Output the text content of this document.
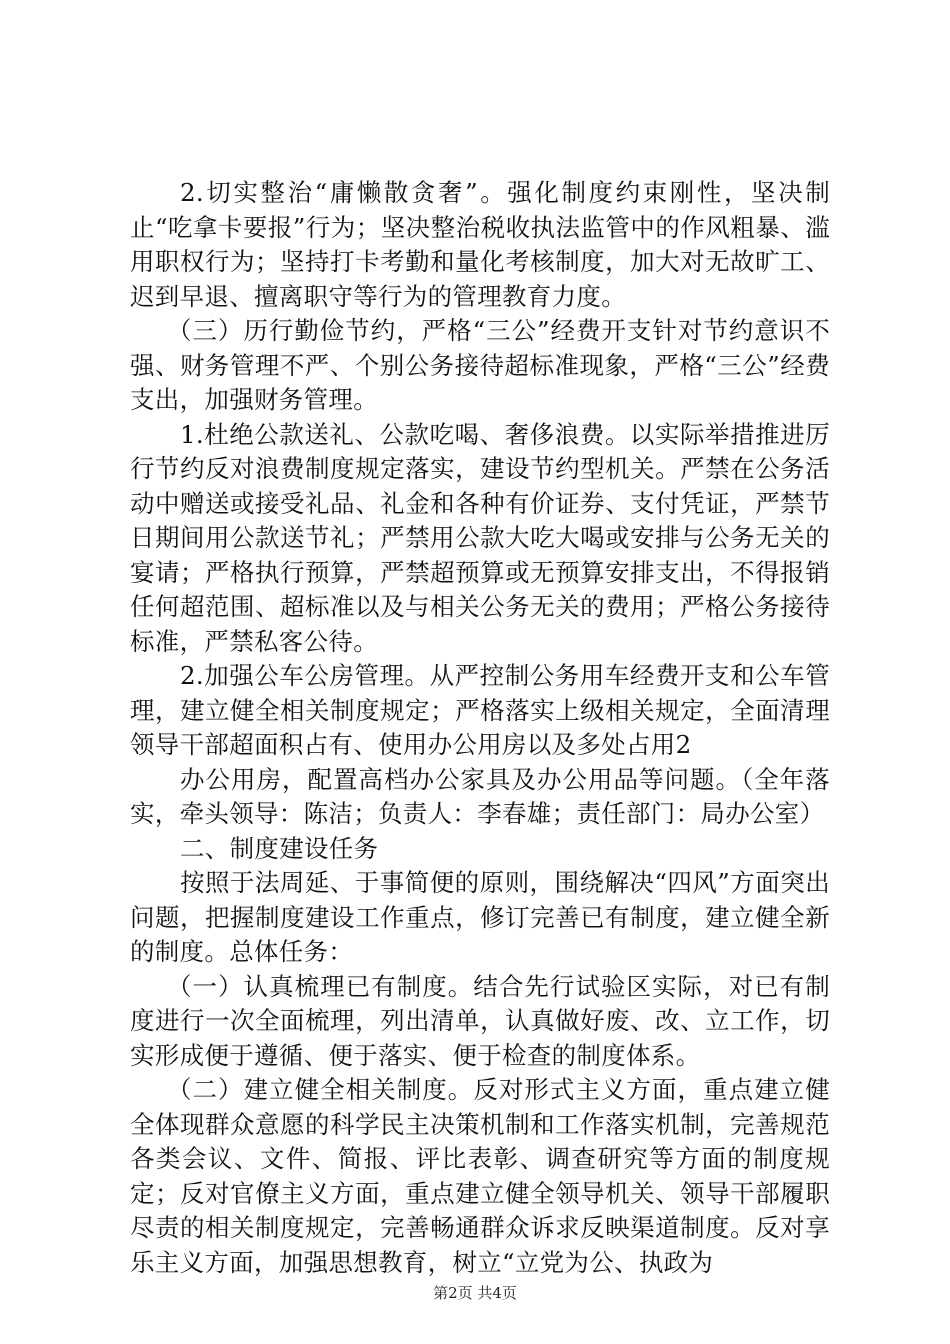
2.切实整治“庸懒散贪奢”。强化制度约束刚性，坚决制止“吃拿卡要报”行为；坚决整治税收执法监管中的作风粗暴、滥用职权行为；坚持打卡考勤和量化考核制度，加大对无故旷工、迟到早退、擅离职守等行为的管理教育力度。

（三）历行勤俭节约，严格“三公”经费开支针对节约意识不强、财务管理不严、个别公务接待超标准现象，严格“三公”经费支出，加强财务管理。

1.杜绝公款送礼、公款吃喝、奢侈浪费。以实际举措推进厉行节约反对浪费制度规定落实，建设节约型机关。严禁在公务活动中赠送或接受礼品、礼金和各种有价证券、支付凭证，严禁节日期间用公款送节礼；严禁用公款大吃大喝或安排与公务无关的宴请；严格执行预算，严禁超预算或无预算安排支出，不得报销任何超范围、超标准以及与相关公务无关的费用；严格公务接待标准，严禁私客公待。

2.加强公车公房管理。从严控制公务用车经费开支和公车管理，建立健全相关制度规定；严格落实上级相关规定，全面清理领导干部超面积占有、使用办公用房以及多处占用2

办公用房，配置高档办公家具及办公用品等问题。（全年落实，牵头领导：陈洁；负责人：李春雄；责任部门：局办公室）

二、制度建设任务

按照于法周延、于事简便的原则，围绕解决“四风”方面突出问题，把握制度建设工作重点，修订完善已有制度，建立健全新的制度。总体任务：

（一）认真梳理已有制度。结合先行试验区实际，对已有制度进行一次全面梳理，列出清单，认真做好废、改、立工作，切实形成便于遵循、便于落实、便于检查的制度体系。

（二）建立健全相关制度。反对形式主义方面，重点建立健全体现群众意愿的科学民主决策机制和工作落实机制，完善规范各类会议、文件、简报、评比表彰、调查研究等方面的制度规定；反对官僚主义方面，重点建立健全领导机关、领导干部履职尽责的相关制度规定，完善畅通群众诉求反映渠道制度。反对享乐主义方面，加强思想教育，树立“立党为公、执政为

第2页 共4页
